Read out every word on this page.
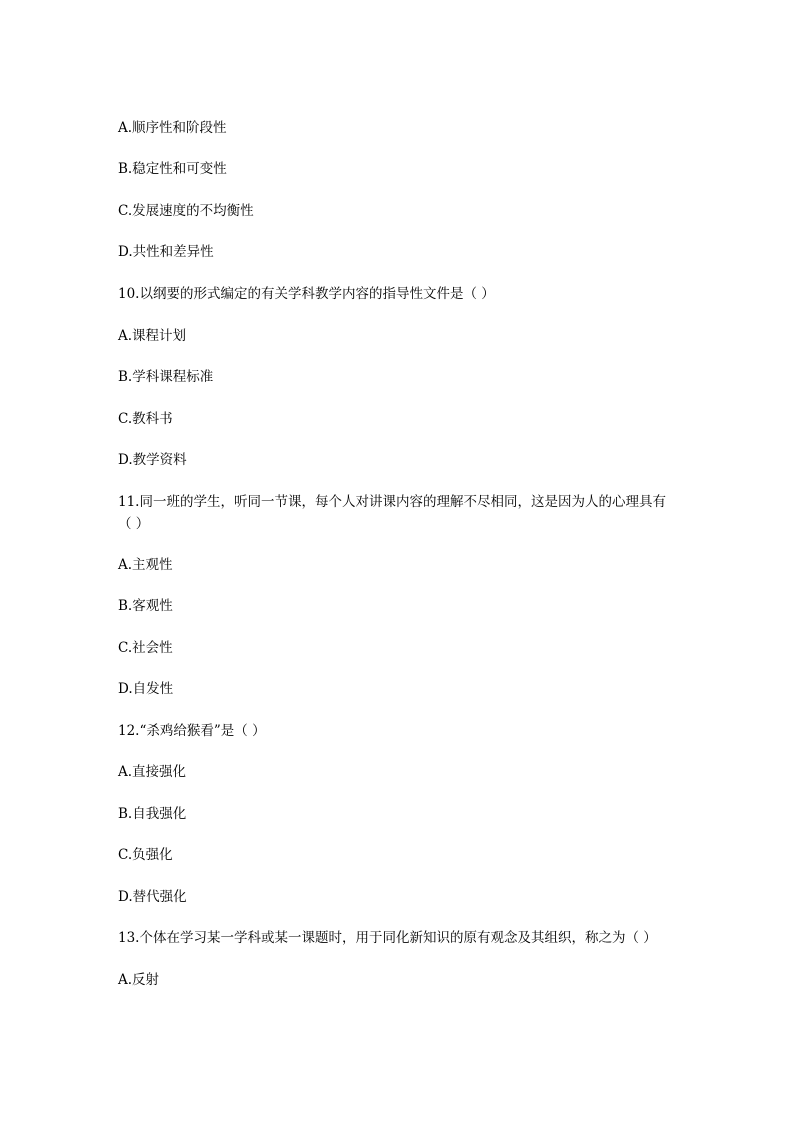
A.顺序性和阶段性
B.稳定性和可变性
C.发展速度的不均衡性
D.共性和差异性
10.以纲要的形式编定的有关学科教学内容的指导性文件是（ ）
A.课程计划
B.学科课程标准
C.教科书
D.教学资料
11.同一班的学生，听同一节课，每个人对讲课内容的理解不尽相同，这是因为人的心理具有（ ）
A.主观性
B.客观性
C.社会性
D.自发性
12.“杀鸡给猴看”是（ ）
A.直接强化
B.自我强化
C.负强化
D.替代强化
13.个体在学习某一学科或某一课题时，用于同化新知识的原有观念及其组织，称之为（ ）
A.反射
